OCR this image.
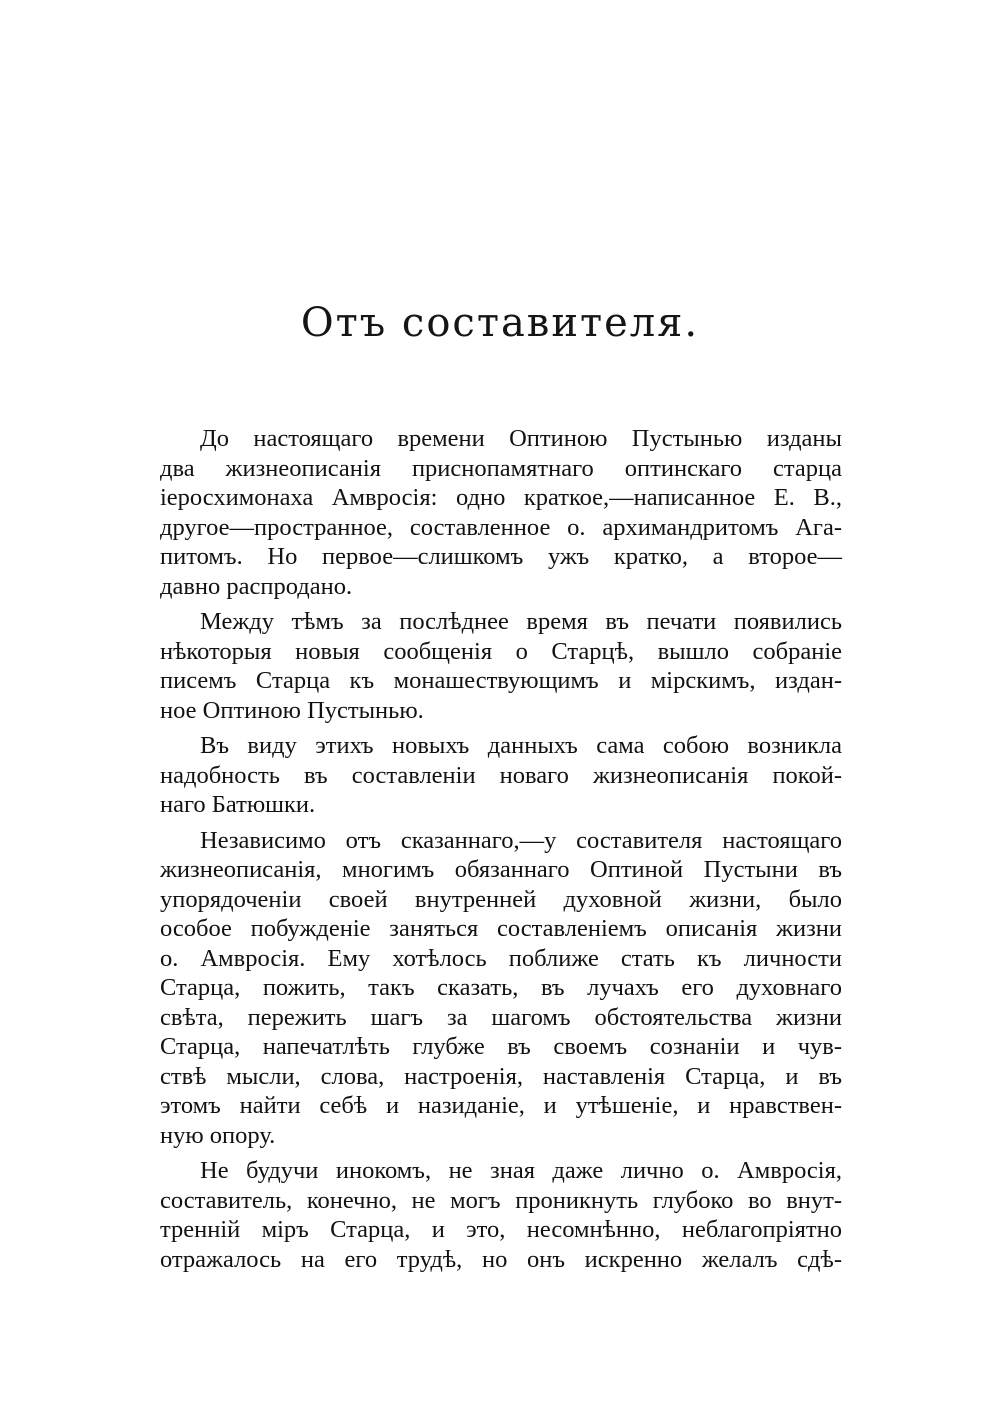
Отъ составителя.
До настоящаго времени Оптиною Пустынью изданы
два жизнеописанія приснопамятнаго оптинскаго старца
іеросхимонаха Амвросія: одно краткое,—написанное Е. В.,
другое—пространное, составленное о. архимандритомъ Ага-
питомъ. Но первое—слишкомъ ужъ кратко, а второе—
давно распродано.
Между тѣмъ за послѣднее время въ печати появились
нѣкоторыя новыя сообщенія о Старцѣ, вышло собраніе
писемъ Старца къ монашествующимъ и мірскимъ, издан-
ное Оптиною Пустынью.
Въ виду этихъ новыхъ данныхъ сама собою возникла
надобность въ составленіи новаго жизнеописанія покой-
наго Батюшки.
Независимо отъ сказаннаго,—у составителя настоящаго
жизнеописанія, многимъ обязаннаго Оптиной Пустыни въ
упорядоченіи своей внутренней духовной жизни, было
особое побужденіе заняться составленіемъ описанія жизни
о. Амвросія. Ему хотѣлось поближе стать къ личности
Старца, пожить, такъ сказать, въ лучахъ его духовнаго
свѣта, пережить шагъ за шагомъ обстоятельства жизни
Старца, напечатлѣть глубже въ своемъ сознаніи и чув-
ствѣ мысли, слова, настроенія, наставленія Старца, и въ
этомъ найти себѣ и назиданіе, и утѣшеніе, и нравствен-
ную опору.
Не будучи инокомъ, не зная даже лично о. Амвросія,
составитель, конечно, не могъ проникнуть глубоко во внут-
тренній міръ Старца, и это, несомнѣнно, неблагопріятно
отражалось на его трудѣ, но онъ искренно желалъ сдѣ-
